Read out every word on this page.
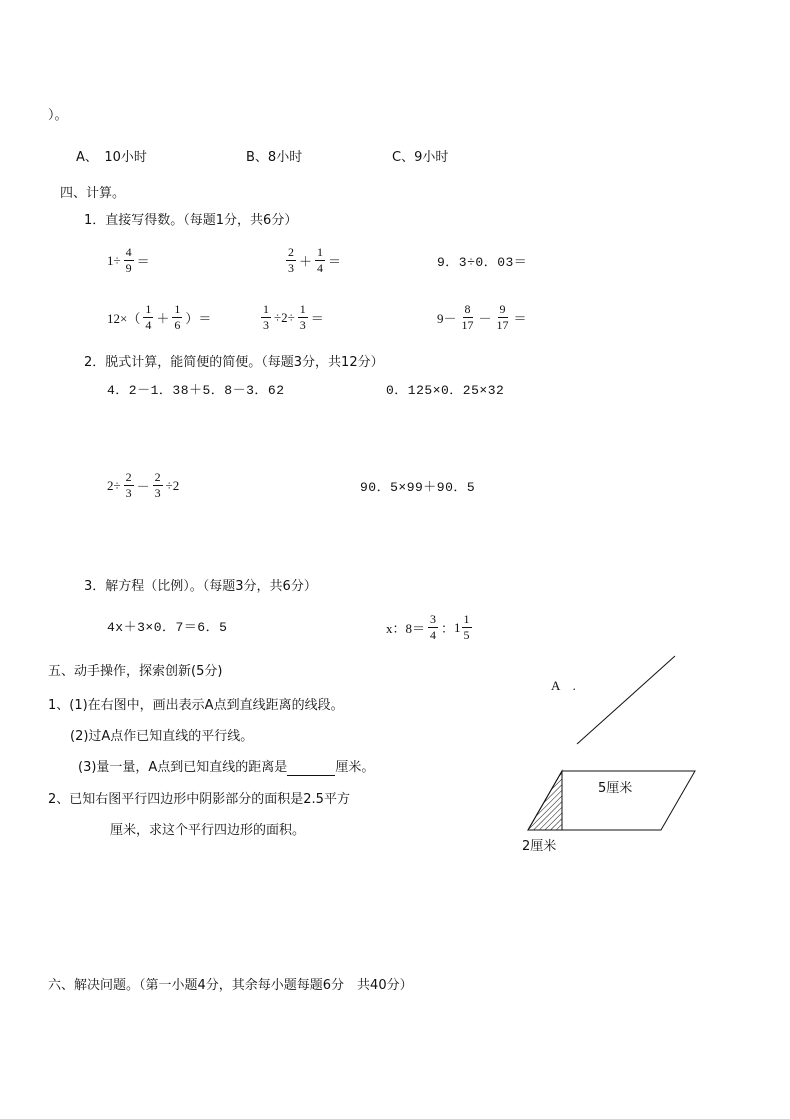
）。
A、　10小时	B、8小时	C、9小时
四、计算。
1．直接写得数。（每题1分，共6分）
$1\div \frac{4}{9}$ ＝	$\frac{2}{3} + \frac{1}{4}$ ＝	9．3÷0．03＝
$12\times( \frac{1}{4} + \frac{1}{6}$ ）＝	$\frac{1}{3} \div 2\div \frac{1}{3}$ ＝	$9- \frac{8}{17} - \frac{9}{17}$ ＝
2．脱式计算，能简便的简便。（每题3分，共12分）
4．2－1．38＋5．8－3．62	0．125×0．25×32
$2\div \frac{2}{3} - \frac{2}{3} \div 2$	90．5×99＋90．5
3．解方程（比例）。（每题3分，共6分）
4x＋3×0．7＝6．5	x：$8= \frac{3}{4}$ ： $1 \frac{1}{5}$
五、动手操作，探索创新(5分)
1、(1)在右图中，画出表示A点到直线距离的线段。
(2)过A点作已知直线的平行线。
(3)量一量，A点到已知直线的距离是	厘米。
2、已知右图平行四边形中阴影部分的面积是2.5平方
厘米，求这个平行四边形的面积。
A　.
5厘米
2厘米
六、解决问题。（第一小题4分，其余每小题每题6分　共40分）
